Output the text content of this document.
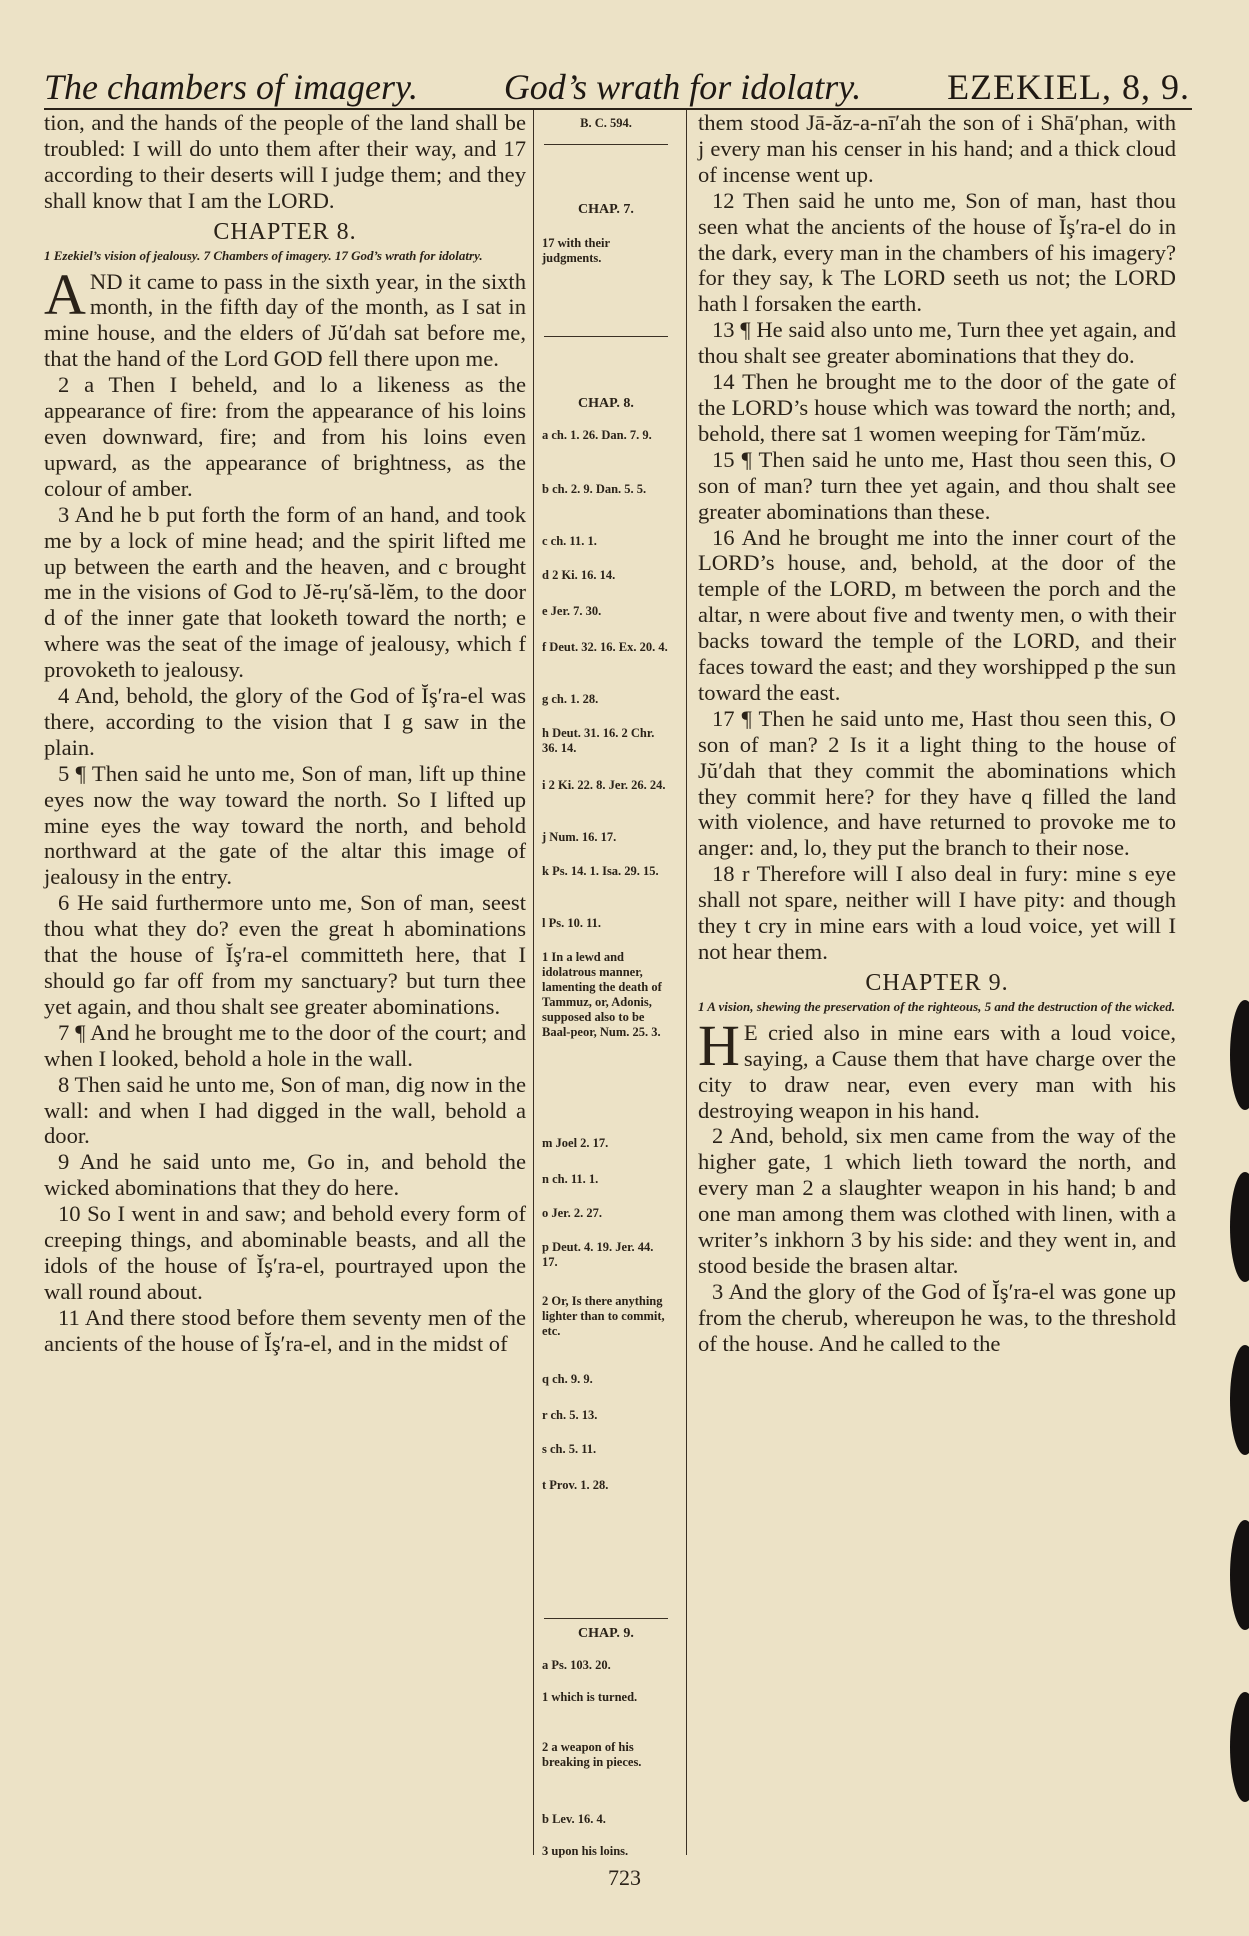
The chambers of imagery. God’s wrath for idolatry. EZEKIEL, 8, 9.

tion, and the hands of the people of the land shall be troubled: I will do unto them after their way, and 17 according to their deserts will I judge them; and they shall know that I am the LORD.

CHAPTER 8.
1 Ezekiel’s vision of jealousy. 7 Chambers of imagery. 17 God’s wrath for idolatry.

AND it came to pass in the sixth year, in the sixth month, in the fifth day of the month, as I sat in mine house, and the elders of Jŭ′dah sat before me, that the hand of the Lord GOD fell there upon me.

2 a Then I beheld, and lo a likeness as the appearance of fire: from the appearance of his loins even downward, fire; and from his loins even upward, as the appearance of brightness, as the colour of amber.

3 And he b put forth the form of an hand, and took me by a lock of mine head; and the spirit lifted me up between the earth and the heaven, and c brought me in the visions of God to Jĕ-rụ′să-lĕm, to the door d of the inner gate that looketh toward the north; e where was the seat of the image of jealousy, which f provoketh to jealousy.

4 And, behold, the glory of the God of Ĭş′ra-el was there, according to the vision that I g saw in the plain.

5 ¶ Then said he unto me, Son of man, lift up thine eyes now the way toward the north. So I lifted up mine eyes the way toward the north, and behold northward at the gate of the altar this image of jealousy in the entry.

6 He said furthermore unto me, Son of man, seest thou what they do? even the great h abominations that the house of Ĭş′ra-el committeth here, that I should go far off from my sanctuary? but turn thee yet again, and thou shalt see greater abominations.

7 ¶ And he brought me to the door of the court; and when I looked, behold a hole in the wall.

8 Then said he unto me, Son of man, dig now in the wall: and when I had digged in the wall, behold a door.

9 And he said unto me, Go in, and behold the wicked abominations that they do here.

10 So I went in and saw; and behold every form of creeping things, and abominable beasts, and all the idols of the house of Ĭş′ra-el, pourtrayed upon the wall round about.

11 And there stood before them seventy men of the ancients of the house of Ĭş′ra-el, and in the midst of

B. C. 594.
CHAP. 7.
17 with their judgments.
CHAP. 8.
a ch. 1. 26. Dan. 7. 9.
b ch. 2. 9. Dan. 5. 5.
c ch. 11. 1.
d 2 Ki. 16. 14.
e Jer. 7. 30.
f Deut. 32. 16. Ex. 20. 4.
g ch. 1. 28.
h Deut. 31. 16. 2 Chr. 36. 14.
i 2 Ki. 22. 8. Jer. 26. 24.
j Num. 16. 17.
k Ps. 14. 1. Isa. 29. 15.
l Ps. 10. 11.
1 In a lewd and idolatrous manner, lamenting the death of Tammuz, or, Adonis, supposed also to be Baal-peor, Num. 25. 3.
m Joel 2. 17.
n ch. 11. 1.
o Jer. 2. 27.
p Deut. 4. 19. Jer. 44. 17.
2 Or, Is there anything lighter than to commit, etc.
q ch. 9. 9.
r ch. 5. 13.
s ch. 5. 11.
t Prov. 1. 28.
CHAP. 9.
a Ps. 103. 20.
1 which is turned.
2 a weapon of his breaking in pieces.
b Lev. 16. 4.
3 upon his loins.

them stood Jā-ăz-a-nī′ah the son of i Shā′phan, with j every man his censer in his hand; and a thick cloud of incense went up.

12 Then said he unto me, Son of man, hast thou seen what the ancients of the house of Ĭş′ra-el do in the dark, every man in the chambers of his imagery? for they say, k The LORD seeth us not; the LORD hath l forsaken the earth.

13 ¶ He said also unto me, Turn thee yet again, and thou shalt see greater abominations that they do.

14 Then he brought me to the door of the gate of the LORD’s house which was toward the north; and, behold, there sat 1 women weeping for Tăm′mŭz.

15 ¶ Then said he unto me, Hast thou seen this, O son of man? turn thee yet again, and thou shalt see greater abominations than these.

16 And he brought me into the inner court of the LORD’s house, and, behold, at the door of the temple of the LORD, m between the porch and the altar, n were about five and twenty men, o with their backs toward the temple of the LORD, and their faces toward the east; and they worshipped p the sun toward the east.

17 ¶ Then he said unto me, Hast thou seen this, O son of man? 2 Is it a light thing to the house of Jŭ′dah that they commit the abominations which they commit here? for they have q filled the land with violence, and have returned to provoke me to anger: and, lo, they put the branch to their nose.

18 r Therefore will I also deal in fury: mine s eye shall not spare, neither will I have pity: and though they t cry in mine ears with a loud voice, yet will I not hear them.

CHAPTER 9.
1 A vision, shewing the preservation of the righteous, 5 and the destruction of the wicked.

H E cried also in mine ears with a loud voice, saying, a Cause them that have charge over the city to draw near, even every man with his destroying weapon in his hand.

2 And, behold, six men came from the way of the higher gate, 1 which lieth toward the north, and every man 2 a slaughter weapon in his hand; b and one man among them was clothed with linen, with a writer’s inkhorn 3 by his side: and they went in, and stood beside the brasen altar.

3 And the glory of the God of Ĭş′ra-el was gone up from the cherub, whereupon he was, to the threshold of the house. And he called to the

723
